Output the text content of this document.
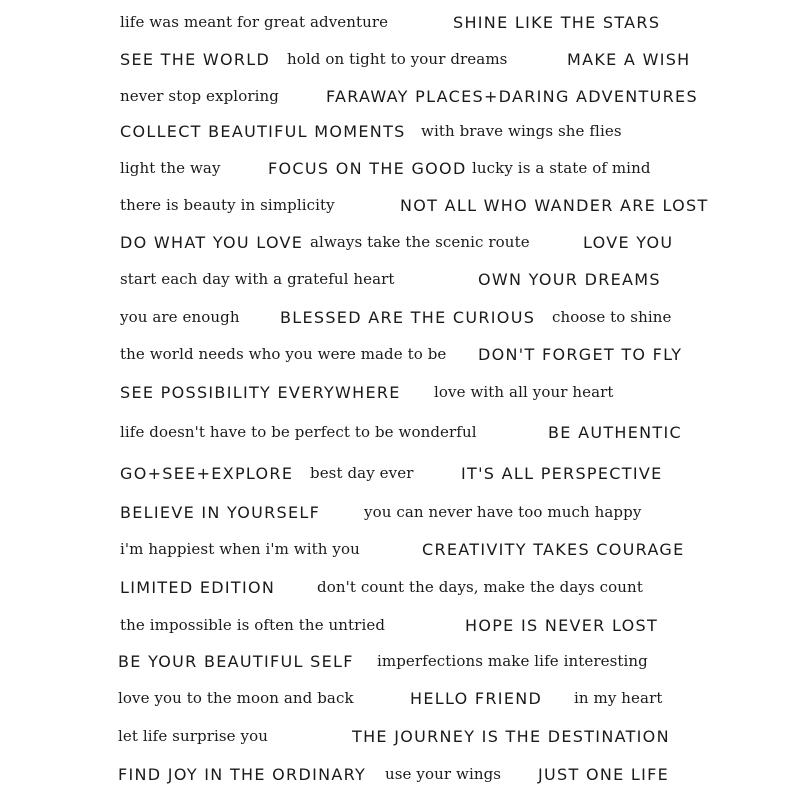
life was meant for great adventure	SHINE LIKE THE STARS
SEE THE WORLD hold on tight to your dreams	MAKE A WISH
never stop exploring	FARAWAY PLACES+DARING ADVENTURES
COLLECT BEAUTIFUL MOMENTS with brave wings she flies
light the way	FOCUS ON THE GOOD lucky is a state of mind
there is beauty in simplicity	NOT ALL WHO WANDER ARE LOST
DO WHAT YOU LOVE always take the scenic route	LOVE YOU
start each day with a grateful heart	OWN YOUR DREAMS
you are enough	BLESSED ARE THE CURIOUS choose to shine
the world needs who you were made to be DON'T FORGET TO FLY
SEE POSSIBILITY EVERYWHERE love with all your heart
life doesn't have to be perfect to be wonderful	BE AUTHENTIC
GO+SEE+EXPLORE best day ever	IT'S ALL PERSPECTIVE
BELIEVE IN YOURSELF	you can never have too much happy
i'm happiest when i'm with you	CREATIVITY TAKES COURAGE
LIMITED EDITION	don't count the days, make the days count
the impossible is often the untried	HOPE IS NEVER LOST
BE YOUR BEAUTIFUL SELF imperfections make life interesting
love you to the moon and back	HELLO FRIEND in my heart
let life surprise you	THE JOURNEY IS THE DESTINATION
FIND JOY IN THE ORDINARY use your wings JUST ONE LIFE
